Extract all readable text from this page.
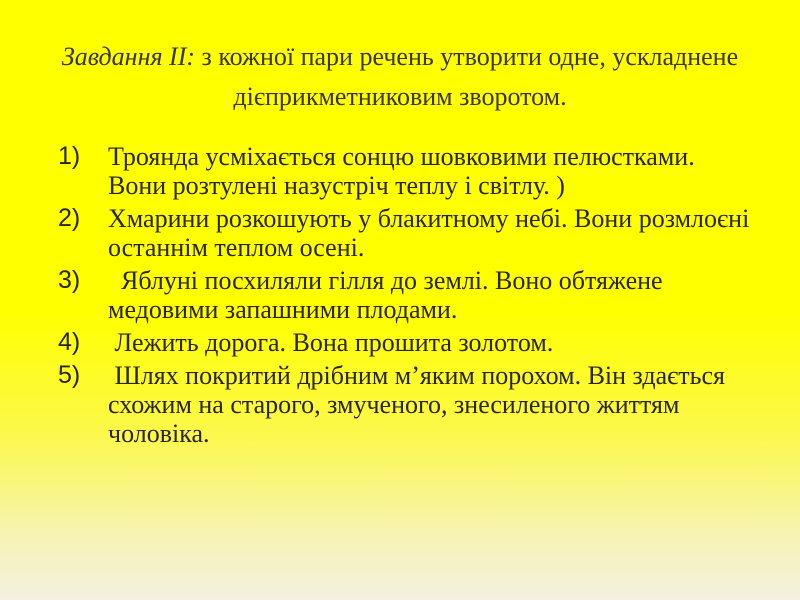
Завдання ІІ: з кожної пари речень утворити одне, ускладнене дієприкметниковим зворотом.
1) Троянда усміхається сонцю шовковими пелюстками. Вони розтулені назустріч теплу і світлу. )
2) Хмарини розкошують у блакитному небі. Вони розмлоєні останнім теплом осені.
3) Яблуні посхиляли гілля до землі. Воно обтяжене медовими запашними плодами.
4) Лежить дорога. Вона прошита золотом.
5) Шлях покритий дрібним м’яким порохом. Він здається схожим на старого, змученого, знесиленого життям  чоловіка.
